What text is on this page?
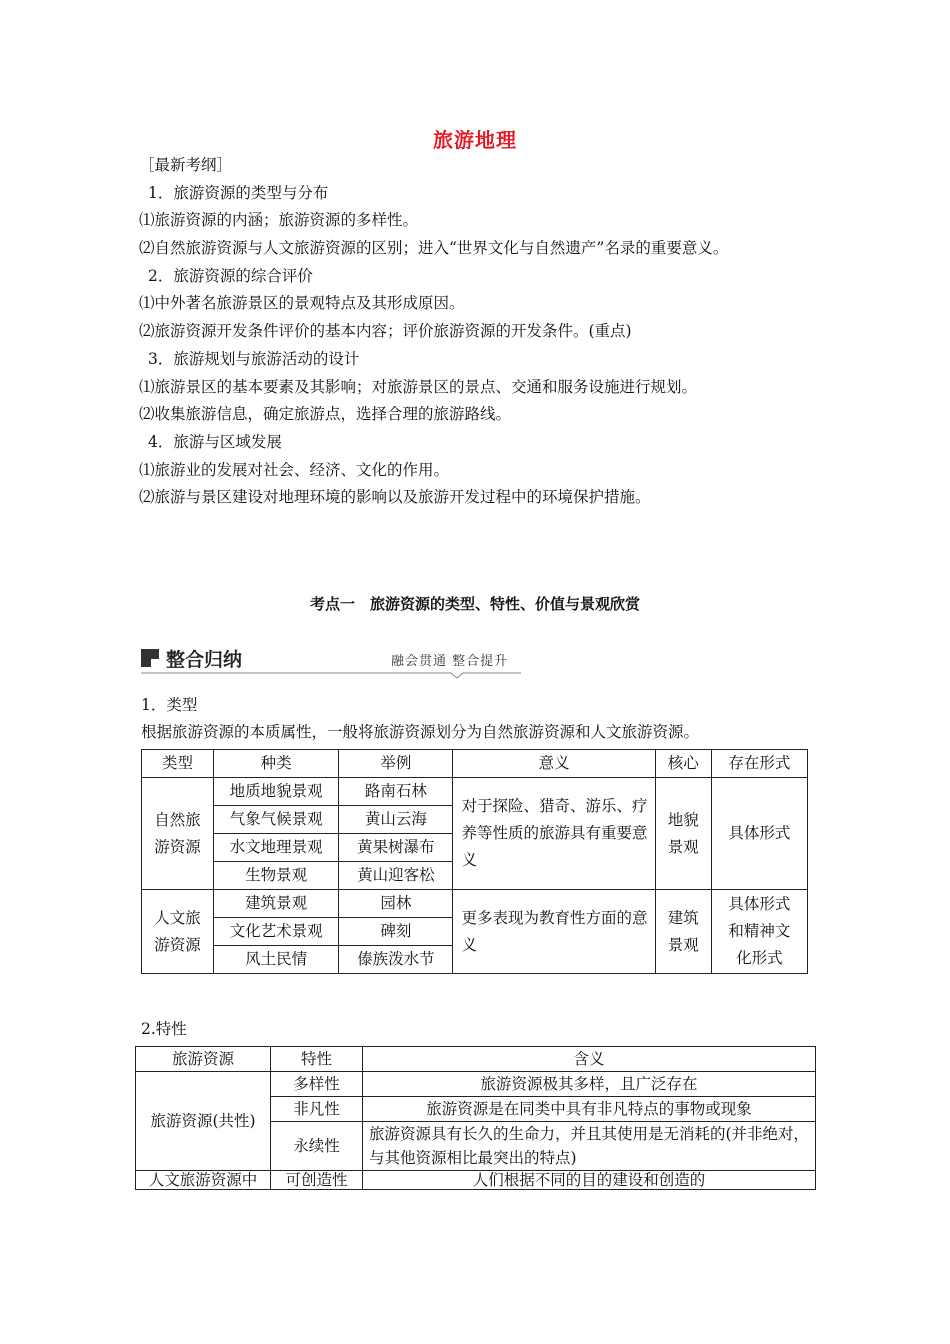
旅游地理
［最新考纲］
1．旅游资源的类型与分布
⑴旅游资源的内涵；旅游资源的多样性。
⑵自然旅游资源与人文旅游资源的区别；进入“世界文化与自然遗产”名录的重要意义。
2．旅游资源的综合评价
⑴中外著名旅游景区的景观特点及其形成原因。
⑵旅游资源开发条件评价的基本内容；评价旅游资源的开发条件。(重点)
3．旅游规划与旅游活动的设计
⑴旅游景区的基本要素及其影响；对旅游景区的景点、交通和服务设施进行规划。
⑵收集旅游信息，确定旅游点，选择合理的旅游路线。
4．旅游与区域发展
⑴旅游业的发展对社会、经济、文化的作用。
⑵旅游与景区建设对地理环境的影响以及旅游开发过程中的环境保护措施。
考点一　旅游资源的类型、特性、价值与景观欣赏
整合归纳	融会贯通 整合提升
1．类型
根据旅游资源的本质属性，一般将旅游资源划分为自然旅游资源和人文旅游资源。
类型	种类	举例	意义	核心	存在形式
自然旅游资源	地质地貌景观	路南石林	对于探险、猎奇、游乐、疗养等性质的旅游具有重要意义	地貌景观	具体形式
	气象气候景观	黄山云海			
	水文地理景观	黄果树瀑布			
	生物景观	黄山迎客松			
人文旅游资源	建筑景观	园林	更多表现为教育性方面的意义	建筑景观	具体形式和精神文化形式
	文化艺术景观	碑刻			
	风土民情	傣族泼水节			
2.特性
旅游资源	特性	含义
旅游资源(共性)	多样性	旅游资源极其多样，且广泛存在
	非凡性	旅游资源是在同类中具有非凡特点的事物或现象
	永续性	旅游资源具有长久的生命力，并且其使用是无消耗的(并非绝对，与其他资源相比最突出的特点)
人文旅游资源中	可创造性	人们根据不同的目的建设和创造的
